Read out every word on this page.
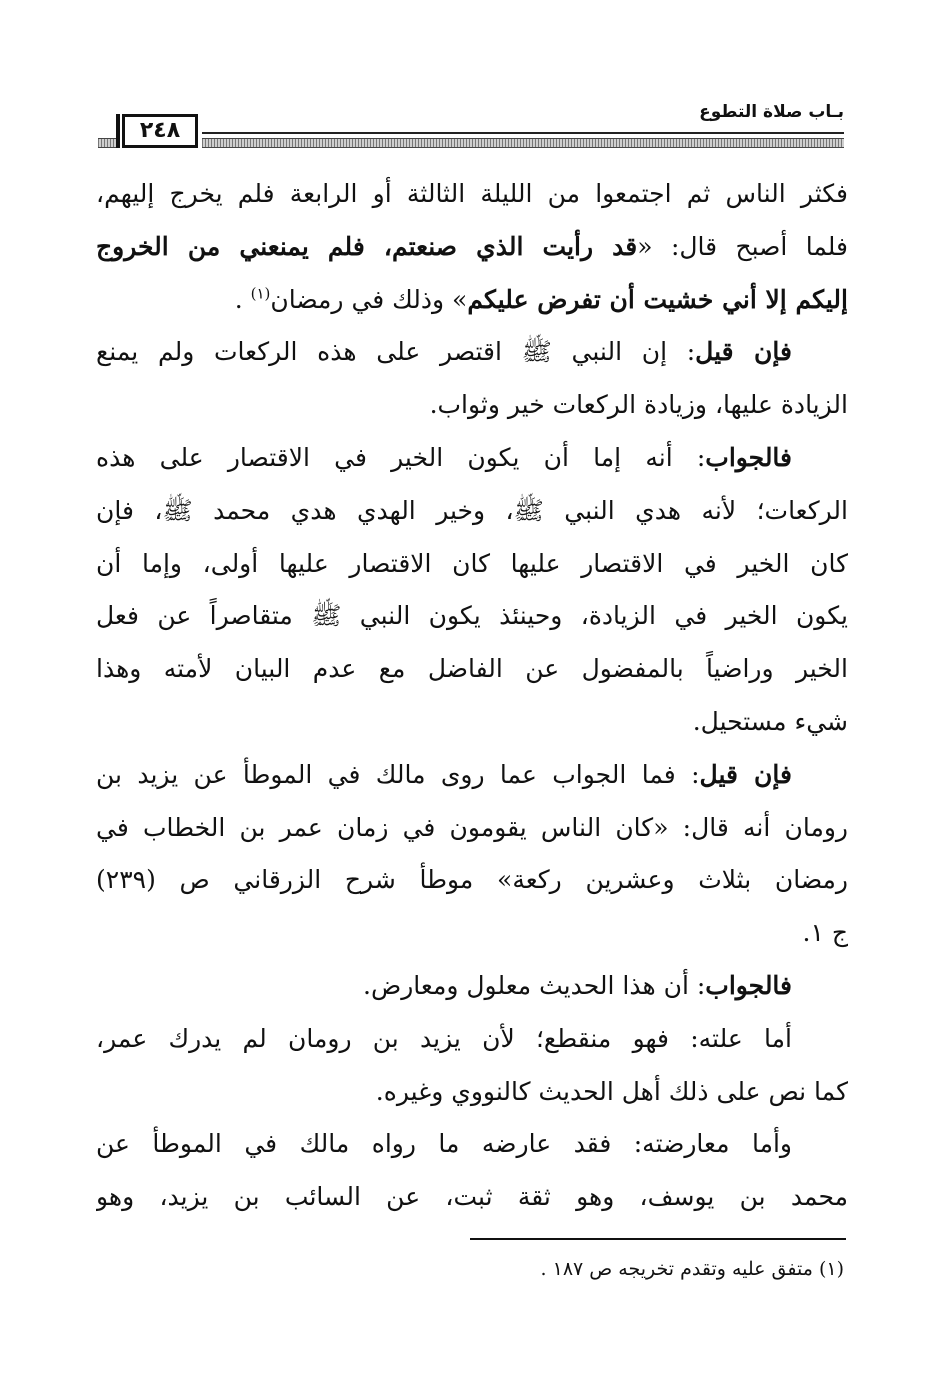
بـاب صلاة التطوع
٢٤٨
فكثر الناس ثم اجتمعوا من الليلة الثالثة أو الرابعة فلم يخرج إليهم،
فلما أصبح قال: «قد رأيت الذي صنعتم، فلم يمنعني من الخروج
إليكم إلا أني خشيت أن تفرض عليكم» وذلك في رمضان$^{(١)}$ .
فإن قيل: إن النبي ﷺ اقتصر على هذه الركعات ولم يمنع
الزيادة عليها، وزيادة الركعات خير وثواب.
فالجواب: أنه إما أن يكون الخير في الاقتصار على هذه
الركعات؛ لأنه هدي النبي ﷺ، وخير الهدي هدي محمد ﷺ، فإن
كان الخير في الاقتصار عليها كان الاقتصار عليها أولى، وإما أن
يكون الخير في الزيادة، وحينئذ يكون النبي ﷺ متقاصراً عن فعل
الخير وراضياً بالمفضول عن الفاضل مع عدم البيان لأمته وهذا
شيء مستحيل.
فإن قيل: فما الجواب عما روى مالك في الموطأ عن يزيد بن
رومان أنه قال: «كان الناس يقومون في زمان عمر بن الخطاب في
رمضان بثلاث وعشرين ركعة» موطأ شرح الزرقاني ص (٢٣٩)
ج ١.
فالجواب: أن هذا الحديث معلول ومعارض.
أما علته: فهو منقطع؛ لأن يزيد بن رومان لم يدرك عمر،
كما نص على ذلك أهل الحديث كالنووي وغيره.
وأما معارضته: فقد عارضه ما رواه مالك في الموطأ عن
محمد بن يوسف، وهو ثقة ثبت، عن السائب بن يزيد، وهو
(١) متفق عليه وتقدم تخريجه ص ١٨٧ .
